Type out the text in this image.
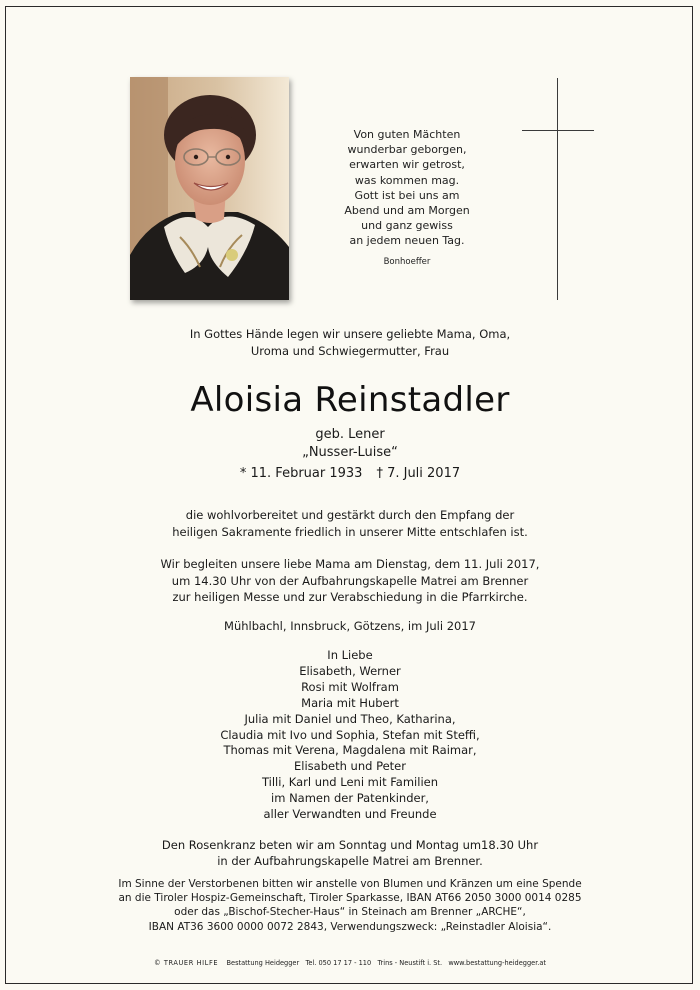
Von guten Mächten
wunderbar geborgen,
erwarten wir getrost,
was kommen mag.
Gott ist bei uns am
Abend und am Morgen
und ganz gewiss
an jedem neuen Tag.
Bonhoeffer
In Gottes Hände legen wir unsere geliebte Mama, Oma,
Uroma und Schwiegermutter, Frau
Aloisia Reinstadler
geb. Lener
„Nusser-Luise“
* 11. Februar 1933 † 7. Juli 2017
die wohlvorbereitet und gestärkt durch den Empfang der
heiligen Sakramente friedlich in unserer Mitte entschlafen ist.
Wir begleiten unsere liebe Mama am Dienstag, dem 11. Juli 2017,
um 14.30 Uhr von der Aufbahrungskapelle Matrei am Brenner
zur heiligen Messe und zur Verabschiedung in die Pfarrkirche.
Mühlbachl, Innsbruck, Götzens, im Juli 2017
In Liebe
Elisabeth, Werner
Rosi mit Wolfram
Maria mit Hubert
Julia mit Daniel und Theo, Katharina,
Claudia mit Ivo und Sophia, Stefan mit Steffi,
Thomas mit Verena, Magdalena mit Raimar,
Elisabeth und Peter
Tilli, Karl und Leni mit Familien
im Namen der Patenkinder,
aller Verwandten und Freunde
Den Rosenkranz beten wir am Sonntag und Montag um18.30 Uhr
in der Aufbahrungskapelle Matrei am Brenner.
Im Sinne der Verstorbenen bitten wir anstelle von Blumen und Kränzen um eine Spende
an die Tiroler Hospiz-Gemeinschaft, Tiroler Sparkasse, IBAN AT66 2050 3000 0014 0285
oder das „Bischof-Stecher-Haus“ in Steinach am Brenner „ARCHE“,
IBAN AT36 3600 0000 0072 2843, Verwendungszweck: „Reinstadler Aloisia“.
© TRAUER HILFE Bestattung Heidegger Tel. 050 17 17 - 110 Trins - Neustift i. St. www.bestattung-heidegger.at
